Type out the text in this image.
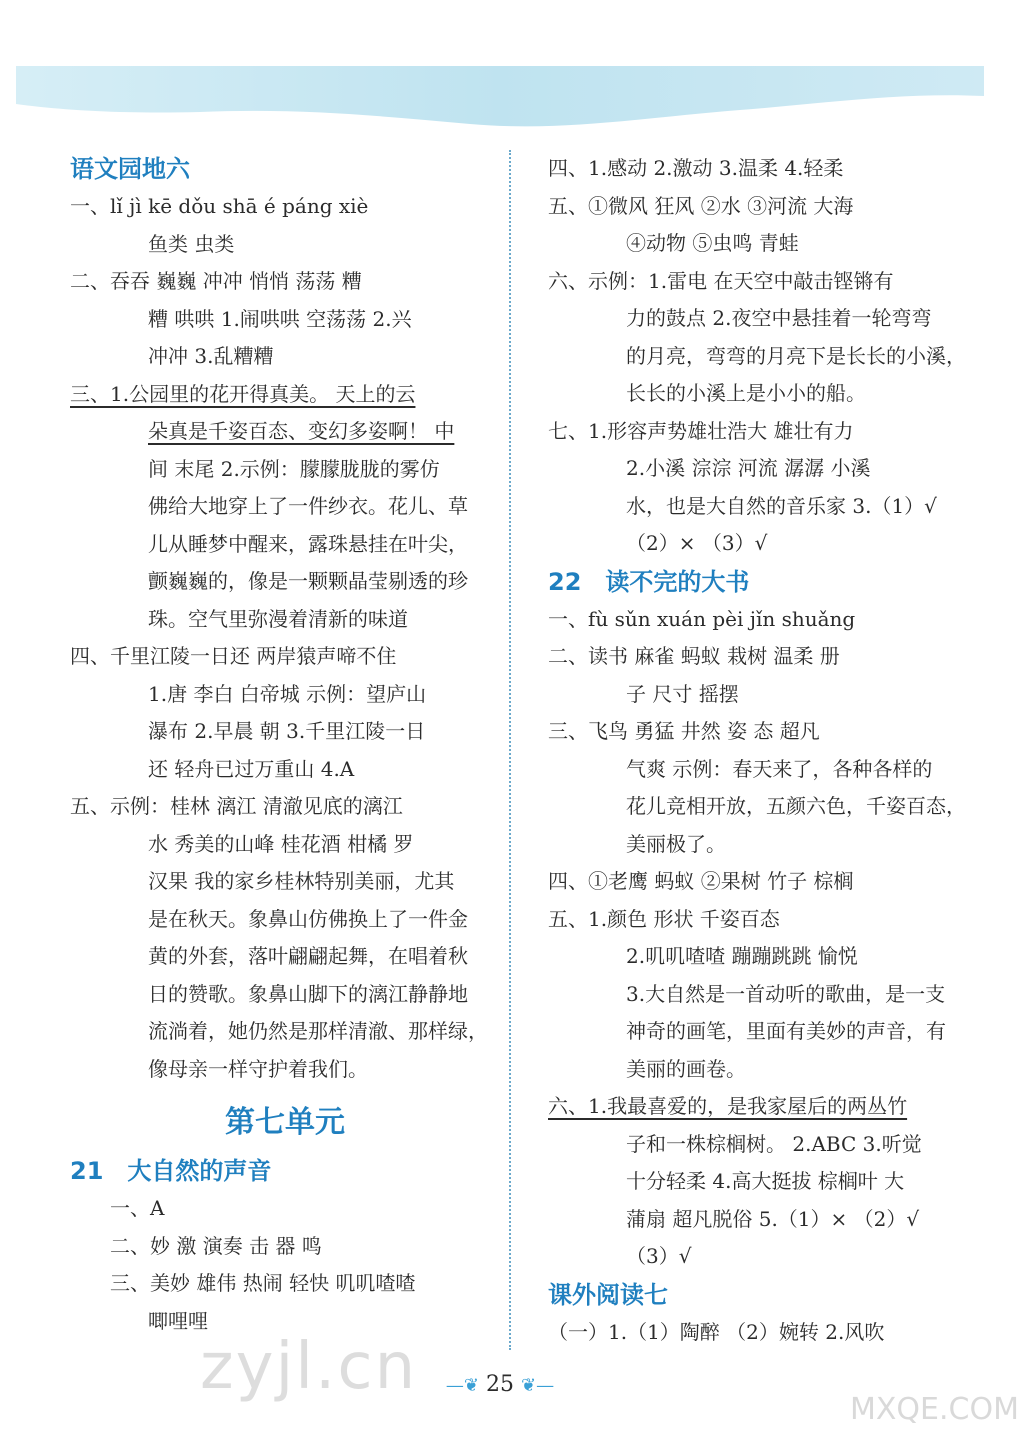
语文园地六
一、lǐ jì kē dǒu shā é páng xiè
鱼类 虫类
二、吞吞 巍巍 冲冲 悄悄 荡荡 糟
糟 哄哄 1.闹哄哄 空荡荡 2.兴
冲冲 3.乱糟糟
三、1.公园里的花开得真美。 天上的云
朵真是千姿百态、变幻多姿啊！ 中
间 末尾 2.示例：朦朦胧胧的雾仿
佛给大地穿上了一件纱衣。花儿、草
儿从睡梦中醒来，露珠悬挂在叶尖，
颤巍巍的，像是一颗颗晶莹剔透的珍
珠。空气里弥漫着清新的味道
四、千里江陵一日还 两岸猿声啼不住
1.唐 李白 白帝城 示例：望庐山
瀑布 2.早晨 朝 3.千里江陵一日
还 轻舟已过万重山 4.A
五、示例：桂林 漓江 清澈见底的漓江
水 秀美的山峰 桂花酒 柑橘 罗
汉果 我的家乡桂林特别美丽，尤其
是在秋天。象鼻山仿佛换上了一件金
黄的外套，落叶翩翩起舞，在唱着秋
日的赞歌。象鼻山脚下的漓江静静地
流淌着，她仍然是那样清澈、那样绿，
像母亲一样守护着我们。
第七单元
21　大自然的声音
一、A
二、妙 激 演奏 击 器 鸣
三、美妙 雄伟 热闹 轻快 叽叽喳喳
唧哩哩
四、1.感动 2.激动 3.温柔 4.轻柔
五、①微风 狂风 ②水 ③河流 大海
④动物 ⑤虫鸣 青蛙
六、示例：1.雷电 在天空中敲击铿锵有
力的鼓点 2.夜空中悬挂着一轮弯弯
的月亮，弯弯的月亮下是长长的小溪，
长长的小溪上是小小的船。
七、1.形容声势雄壮浩大 雄壮有力
2.小溪 淙淙 河流 潺潺 小溪
水，也是大自然的音乐家 3.（1）√
（2）× （3）√
22　读不完的大书
一、fù sǔn xuán pèi jǐn shuǎng
二、读书 麻雀 蚂蚁 栽树 温柔 册
子 尺寸 摇摆
三、飞鸟 勇猛 井然 姿 态 超凡
气爽 示例：春天来了，各种各样的
花儿竞相开放，五颜六色，千姿百态，
美丽极了。
四、①老鹰 蚂蚁 ②果树 竹子 棕榈
五、1.颜色 形状 千姿百态
2.叽叽喳喳 蹦蹦跳跳 愉悦
3.大自然是一首动听的歌曲，是一支
神奇的画笔，里面有美妙的声音，有
美丽的画卷。
六、1.我最喜爱的，是我家屋后的两丛竹
子和一株棕榈树。 2.ABC 3.听觉
十分轻柔 4.高大挺拔 棕榈叶 大
蒲扇 超凡脱俗 5.（1）× （2）√
（3）√
课外阅读七
（一）1.（1）陶醉 （2）婉转 2.风吹
—❦ 25 ❦—
zyjl.cn
MXQE.COM
